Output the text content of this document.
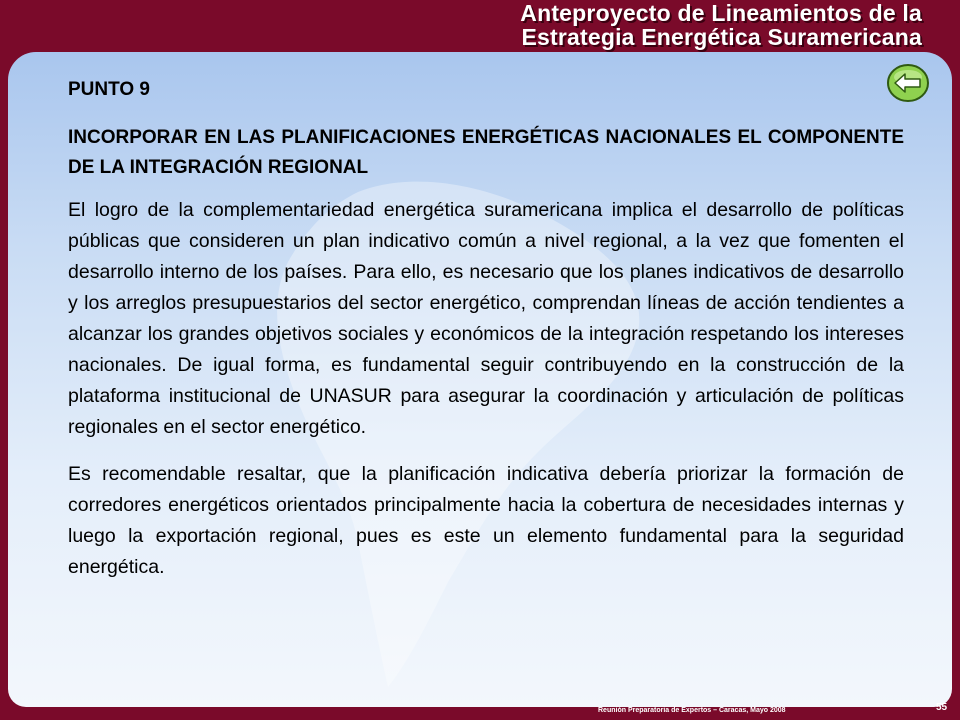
Anteproyecto de Lineamientos de la
Estrategia Energética Suramericana

PUNTO 9

INCORPORAR EN LAS PLANIFICACIONES ENERGÉTICAS NACIONALES EL COMPONENTE DE LA INTEGRACIÓN REGIONAL

El logro de la complementariedad energética suramericana implica el desarrollo de políticas públicas que consideren un plan indicativo común a nivel regional, a la vez que fomenten el desarrollo interno de los países. Para ello, es necesario que los planes indicativos de desarrollo y los arreglos presupuestarios del sector energético, comprendan líneas de acción tendientes a alcanzar los grandes objetivos sociales y económicos de la integración respetando los intereses nacionales. De igual forma, es fundamental seguir contribuyendo en la construcción de la plataforma institucional de UNASUR para asegurar la coordinación y articulación de políticas regionales en el sector energético.

Es recomendable resaltar, que la planificación indicativa debería priorizar la formación de corredores energéticos orientados principalmente hacia la cobertura de necesidades internas y luego la exportación regional, pues es este un elemento fundamental para la seguridad energética.

Reunión Preparatoria de Expertos – Caracas, Mayo 2008	55
